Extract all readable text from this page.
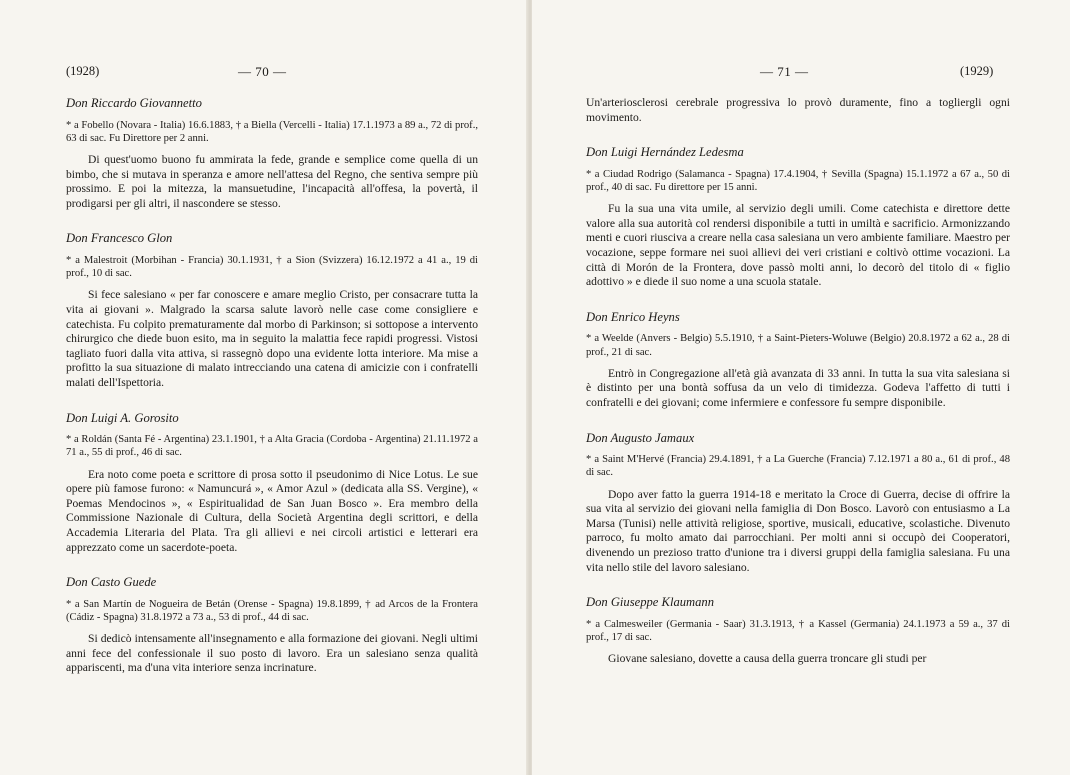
(1928)	— 70 —

Don Riccardo Giovannetto

* a Fobello (Novara - Italia) 16.6.1883, † a Biella (Vercelli - Italia) 17.1.1973 a 89 a., 72 di prof., 63 di sac. Fu Direttore per 2 anni.

Di quest'uomo buono fu ammirata la fede, grande e semplice come quella di un bimbo, che si mutava in speranza e amore nell'attesa del Regno, che sentiva sempre più prossimo. E poi la mitezza, la mansuetudine, l'incapacità all'offesa, la povertà, il prodigarsi per gli altri, il nascondere se stesso.

Don Francesco Glon

* a Malestroit (Morbihan - Francia) 30.1.1931, † a Sion (Svizzera) 16.12.1972 a 41 a., 19 di prof., 10 di sac.

Si fece salesiano « per far conoscere e amare meglio Cristo, per consacrare tutta la vita ai giovani ». Malgrado la scarsa salute lavorò nelle case come consigliere e catechista. Fu colpito prematuramente dal morbo di Parkinson; si sottopose a intervento chirurgico che diede buon esito, ma in seguito la malattia fece rapidi progressi. Vistosi tagliato fuori dalla vita attiva, si rassegnò dopo una evidente lotta interiore. Ma mise a profitto la sua situazione di malato intrecciando una catena di amicizie con i confratelli malati dell'Ispettoria.

Don Luigi A. Gorosito

* a Roldán (Santa Fé - Argentina) 23.1.1901, † a Alta Gracia (Cordoba - Argentina) 21.11.1972 a 71 a., 55 di prof., 46 di sac.

Era noto come poeta e scrittore di prosa sotto il pseudonimo di Nice Lotus. Le sue opere più famose furono: « Namuncurá », « Amor Azul » (dedicata alla SS. Vergine), « Poemas Mendocinos », « Espiritualidad de San Juan Bosco ». Era membro della Commissione Nazionale di Cultura, della Società Argentina degli scrittori, e della Accademia Literaria del Plata. Tra gli allievi e nei circoli artistici e letterari era apprezzato come un sacerdote-poeta.

Don Casto Guede

* a San Martín de Nogueira de Betán (Orense - Spagna) 19.8.1899, † ad Arcos de la Frontera (Cádiz - Spagna) 31.8.1972 a 73 a., 53 di prof., 44 di sac.

Si dedicò intensamente all'insegnamento e alla formazione dei giovani. Negli ultimi anni fece del confessionale il suo posto di lavoro. Era un salesiano senza qualità appariscenti, ma d'una vita interiore senza incrinature.

— 71 —	(1929)

Un'arteriosclerosi cerebrale progressiva lo provò duramente, fino a togliergli ogni movimento.

Don Luigi Hernández Ledesma

* a Ciudad Rodrigo (Salamanca - Spagna) 17.4.1904, † Sevilla (Spagna) 15.1.1972 a 67 a., 50 di prof., 40 di sac. Fu direttore per 15 anni.

Fu la sua una vita umile, al servizio degli umili. Come catechista e direttore dette valore alla sua autorità col rendersi disponibile a tutti in umiltà e sacrificio. Armonizzando menti e cuori riusciva a creare nella casa salesiana un vero ambiente familiare. Maestro per vocazione, seppe formare nei suoi allievi dei veri cristiani e coltivò ottime vocazioni. La città di Morón de la Frontera, dove passò molti anni, lo decorò del titolo di « figlio adottivo » e diede il suo nome a una scuola statale.

Don Enrico Heyns

* a Weelde (Anvers - Belgio) 5.5.1910, † a Saint-Pieters-Woluwe (Belgio) 20.8.1972 a 62 a., 28 di prof., 21 di sac.

Entrò in Congregazione all'età già avanzata di 33 anni. In tutta la sua vita salesiana si è distinto per una bontà soffusa da un velo di timidezza. Godeva l'affetto di tutti i confratelli e dei giovani; come infermiere e confessore fu sempre disponibile.

Don Augusto Jamaux

* a Saint M'Hervé (Francia) 29.4.1891, † a La Guerche (Francia) 7.12.1971 a 80 a., 61 di prof., 48 di sac.

Dopo aver fatto la guerra 1914-18 e meritato la Croce di Guerra, decise di offrire la sua vita al servizio dei giovani nella famiglia di Don Bosco. Lavorò con entusiasmo a La Marsa (Tunisi) nelle attività religiose, sportive, musicali, educative, scolastiche. Divenuto parroco, fu molto amato dai parrocchiani. Per molti anni si occupò dei Cooperatori, divenendo un prezioso tratto d'unione tra i diversi gruppi della famiglia salesiana. Fu una vita nello stile del lavoro salesiano.

Don Giuseppe Klaumann

* a Calmesweiler (Germania - Saar) 31.3.1913, † a Kassel (Germania) 24.1.1973 a 59 a., 37 di prof., 17 di sac.

Giovane salesiano, dovette a causa della guerra troncare gli studi per
